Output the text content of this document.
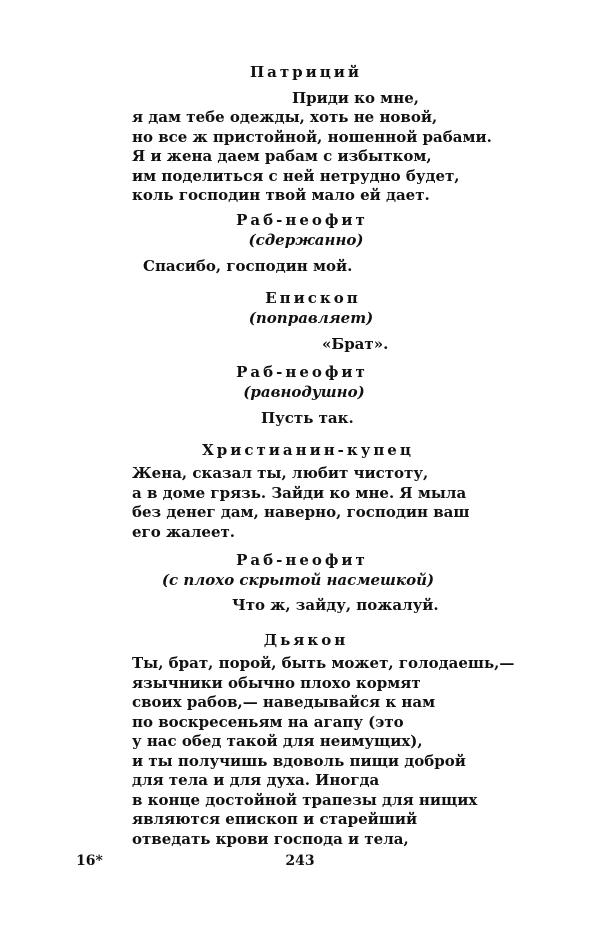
Патриций
Приди ко мне,
я дам тебе одежды, хоть не новой,
но все ж пристойной, ношенной рабами.
Я и жена даем рабам с избытком,
им поделиться с ней нетрудно будет,
коль господин твой мало ей дает.
Раб-неофит
(сдержанно)
Спасибо, господин мой.
Епископ
(поправляет)
«Брат».
Раб-неофит
(равнодушно)
Пусть так.
Христианин-купец
Жена, сказал ты, любит чистоту,
а в доме грязь. Зайди ко мне. Я мыла
без денег дам, наверно, господин ваш
его жалеет.
Раб-неофит
(с плохо скрытой насмешкой)
Что ж, зайду, пожалуй.
Дьякон
Ты, брат, порой, быть может, голодаешь,—
язычники обычно плохо кормят
своих рабов,— наведывайся к нам
по воскресеньям на агапу (это
у нас обед такой для неимущих),
и ты получишь вдоволь пищи доброй
для тела и для духа. Иногда
в конце достойной трапезы для нищих
являются епископ и старейший
отведать крови господа и тела,
16*	243
